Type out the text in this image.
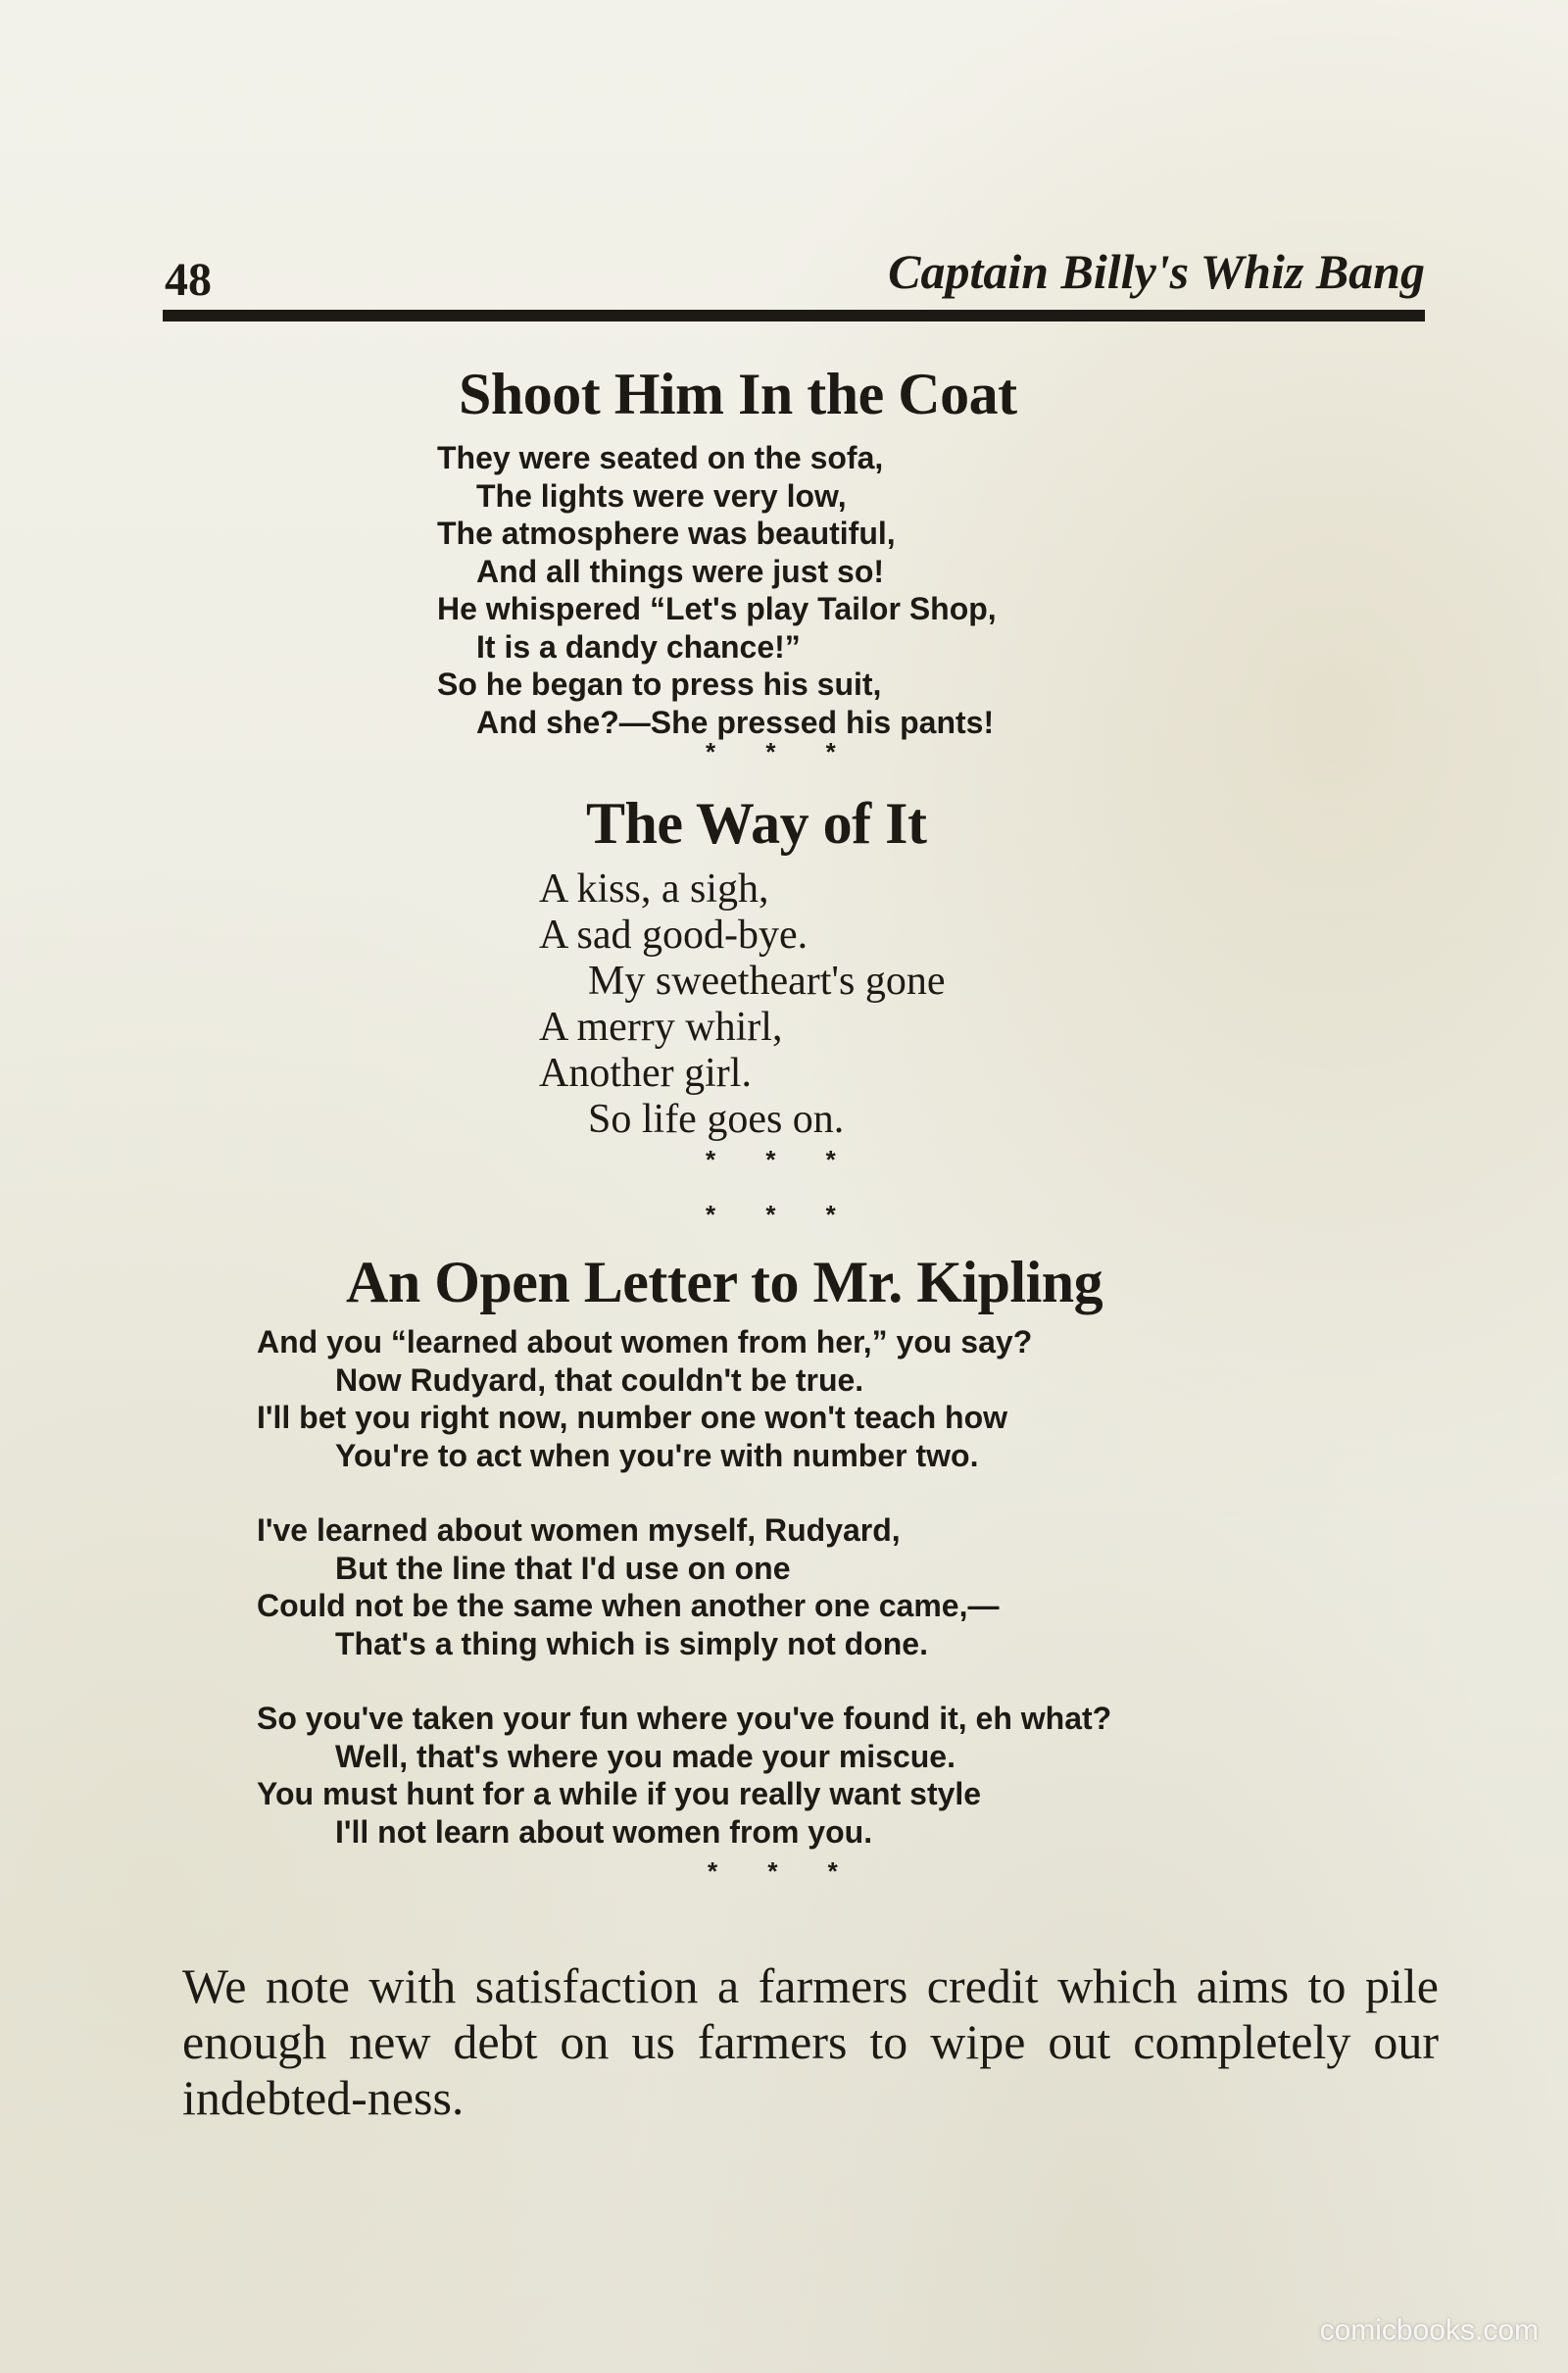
48	Captain Billy's Whiz Bang
Shoot Him In the Coat
They were seated on the sofa,
The lights were very low,
The atmosphere was beautiful,
And all things were just so!
He whispered “Let's play Tailor Shop,
It is a dandy chance!”
So he began to press his suit,
And she?—She pressed his pants!
* * *
The Way of It
A kiss, a sigh,
A sad good-bye.
My sweetheart's gone
A merry whirl,
Another girl.
So life goes on.
* * *
* * *
An Open Letter to Mr. Kipling
And you “learned about women from her,” you say?
Now Rudyard, that couldn't be true.
I'll bet you right now, number one won't teach how
You're to act when you're with number two.
I've learned about women myself, Rudyard,
But the line that I'd use on one
Could not be the same when another one came,—
That's a thing which is simply not done.
So you've taken your fun where you've found it, eh what?
Well, that's where you made your miscue.
You must hunt for a while if you really want style
I'll not learn about women from you.
* * *

We note with satisfaction a farmers credit which aims to pile enough new debt on us farmers to wipe out completely our indebted-ness.

comicbooks.com
